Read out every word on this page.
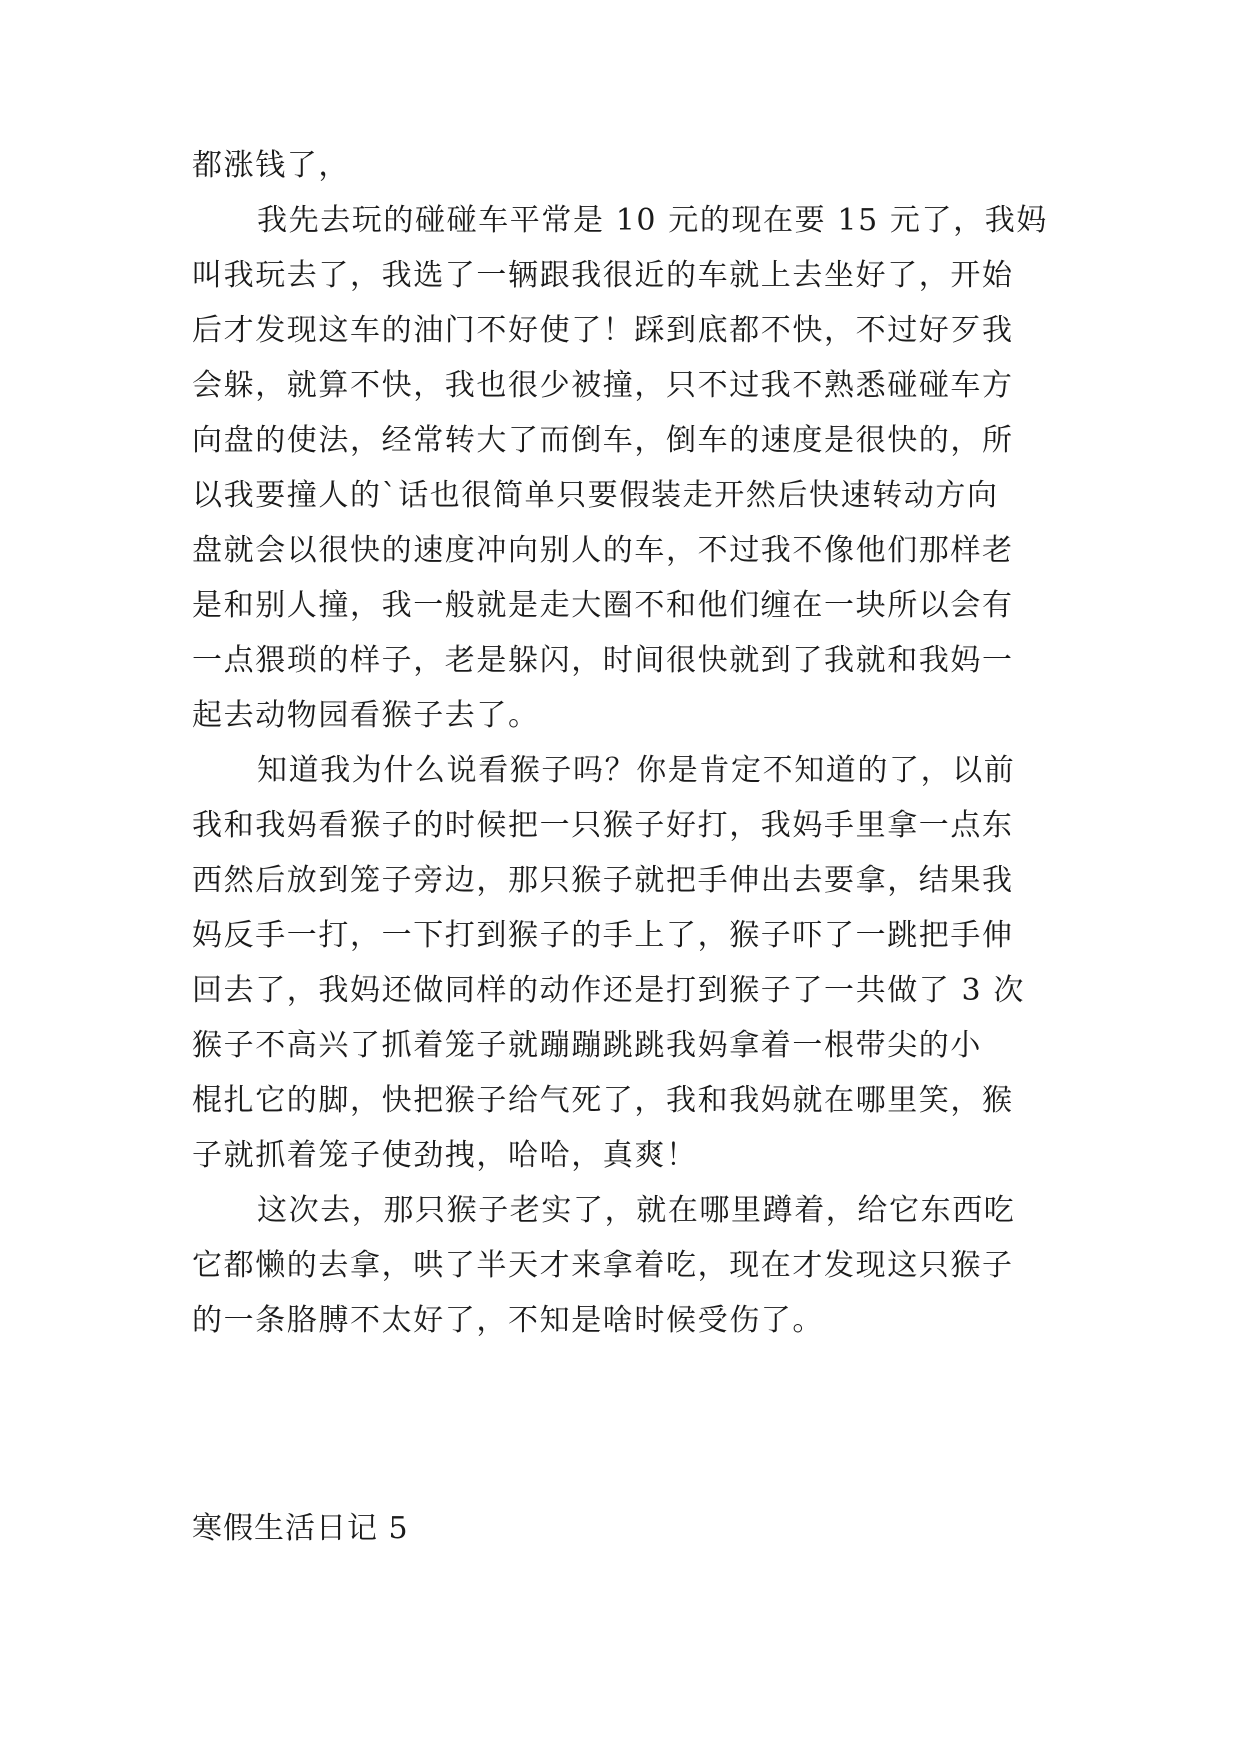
都涨钱了，
我先去玩的碰碰车平常是 10 元的现在要 15 元了，我妈
叫我玩去了，我选了一辆跟我很近的车就上去坐好了，开始
后才发现这车的油门不好使了！踩到底都不快，不过好歹我
会躲，就算不快，我也很少被撞，只不过我不熟悉碰碰车方
向盘的使法，经常转大了而倒车，倒车的速度是很快的，所
以我要撞人的`话也很简单只要假装走开然后快速转动方向
盘就会以很快的速度冲向别人的车，不过我不像他们那样老
是和别人撞，我一般就是走大圈不和他们缠在一块所以会有
一点猥琐的样子，老是躲闪，时间很快就到了我就和我妈一
起去动物园看猴子去了。
知道我为什么说看猴子吗？你是肯定不知道的了，以前
我和我妈看猴子的时候把一只猴子好打，我妈手里拿一点东
西然后放到笼子旁边，那只猴子就把手伸出去要拿，结果我
妈反手一打，一下打到猴子的手上了，猴子吓了一跳把手伸
回去了，我妈还做同样的动作还是打到猴子了一共做了 3 次
猴子不高兴了抓着笼子就蹦蹦跳跳我妈拿着一根带尖的小
棍扎它的脚，快把猴子给气死了，我和我妈就在哪里笑，猴
子就抓着笼子使劲拽，哈哈，真爽！
这次去，那只猴子老实了，就在哪里蹲着，给它东西吃
它都懒的去拿，哄了半天才来拿着吃，现在才发现这只猴子
的一条胳膊不太好了，不知是啥时候受伤了。
寒假生活日记 5
